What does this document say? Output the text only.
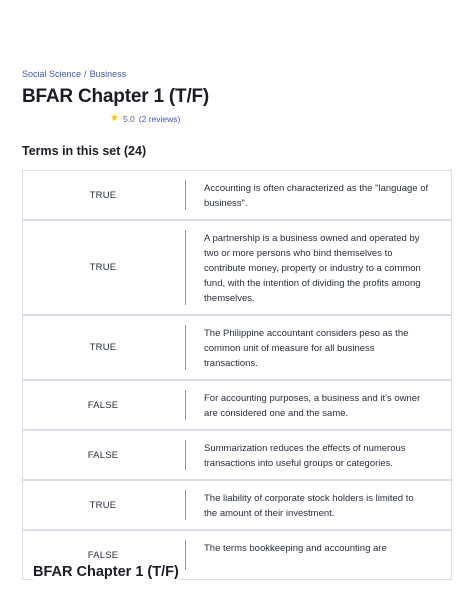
Social Science / Business
BFAR Chapter 1 (T/F)
★ 5.0 (2 reviews)
Terms in this set (24)
TRUE
Accounting is often characterized as the "language of business".
TRUE
A partnership is a business owned and operated by two or more persons who bind themselves to contribute money, property or industry to a common fund, with the intention of dividing the profits among themselves.
TRUE
The Philippine accountant considers peso as the common unit of measure for all business transactions.
FALSE
For accounting purposes, a business and it's owner are considered one and the same.
FALSE
Summarization reduces the effects of numerous transactions into useful groups or categories.
TRUE
The liability of corporate stock holders is limited to the amount of their investment.
FALSE
The terms bookkeeping and accounting are
BFAR Chapter 1 (T/F)
